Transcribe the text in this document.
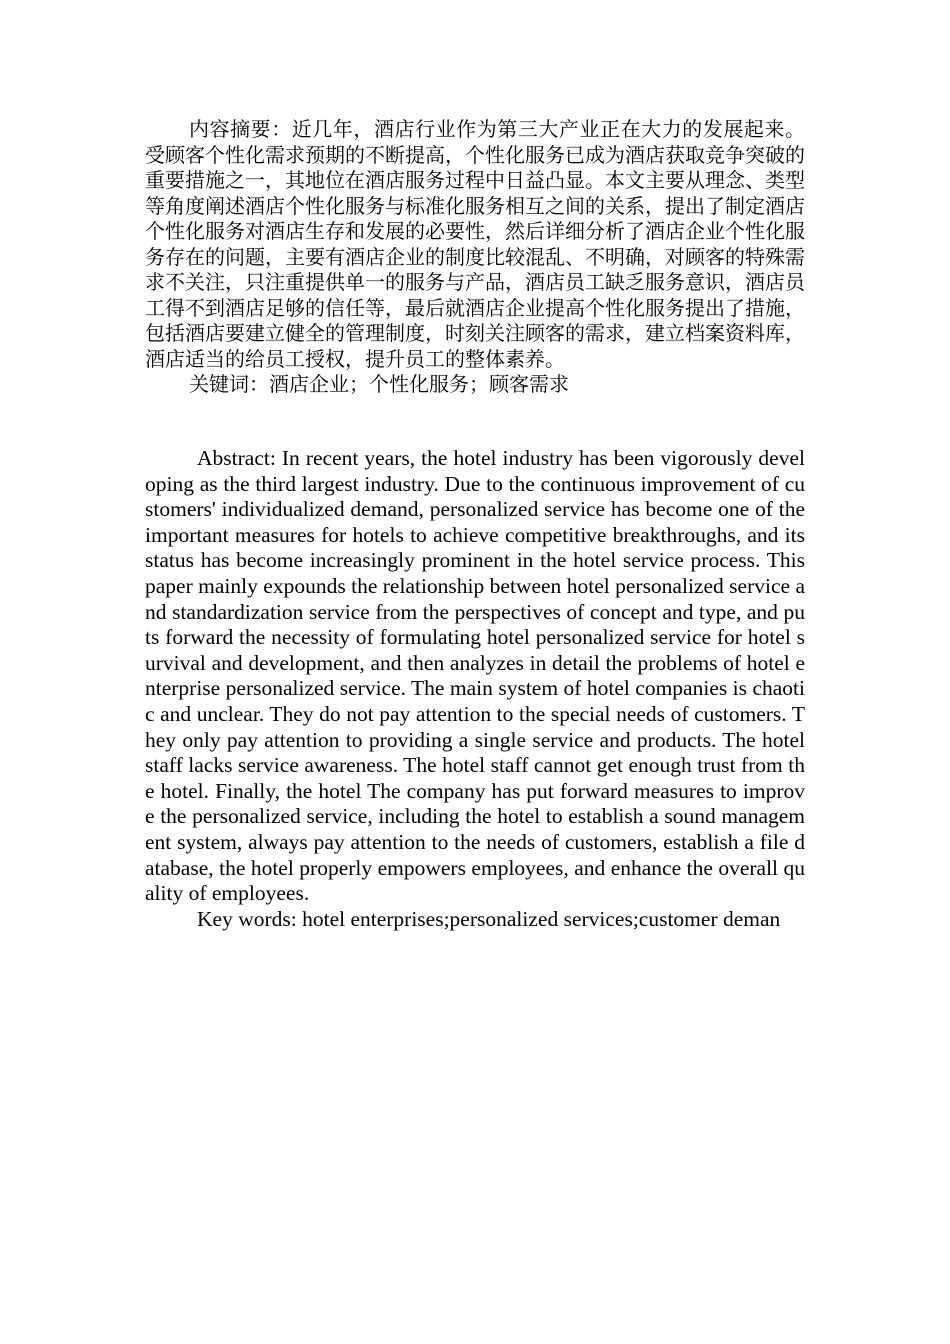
内容摘要：近几年，酒店行业作为第三大产业正在大力的发展起来。受顾客个性化需求预期的不断提高，个性化服务已成为酒店获取竞争突破的重要措施之一，其地位在酒店服务过程中日益凸显。本文主要从理念、类型等角度阐述酒店个性化服务与标准化服务相互之间的关系，提出了制定酒店个性化服务对酒店生存和发展的必要性，然后详细分析了酒店企业个性化服务存在的问题，主要有酒店企业的制度比较混乱、不明确，对顾客的特殊需求不关注，只注重提供单一的服务与产品，酒店员工缺乏服务意识，酒店员工得不到酒店足够的信任等，最后就酒店企业提高个性化服务提出了措施，包括酒店要建立健全的管理制度，时刻关注顾客的需求，建立档案资料库，酒店适当的给员工授权，提升员工的整体素养。

关键词：酒店企业；个性化服务；顾客需求

Abstract: In recent years, the hotel industry has been vigorously developing as the third largest industry. Due to the continuous improvement of customers' individualized demand, personalized service has become one of the important measures for hotels to achieve competitive breakthroughs, and its status has become increasingly prominent in the hotel service process. This paper mainly expounds the relationship between hotel personalized service and standardization service from the perspectives of concept and type, and puts forward the necessity of formulating hotel personalized service for hotel survival and development, and then analyzes in detail the problems of hotel enterprise personalized service. The main system of hotel companies is chaotic and unclear. They do not pay attention to the special needs of customers. They only pay attention to providing a single service and products. The hotel staff lacks service awareness. The hotel staff cannot get enough trust from the hotel. Finally, the hotel The company has put forward measures to improve the personalized service, including the hotel to establish a sound management system, always pay attention to the needs of customers, establish a file database, the hotel properly empowers employees, and enhance the overall quality of employees.

Key words: hotel enterprises;personalized services;customer deman
